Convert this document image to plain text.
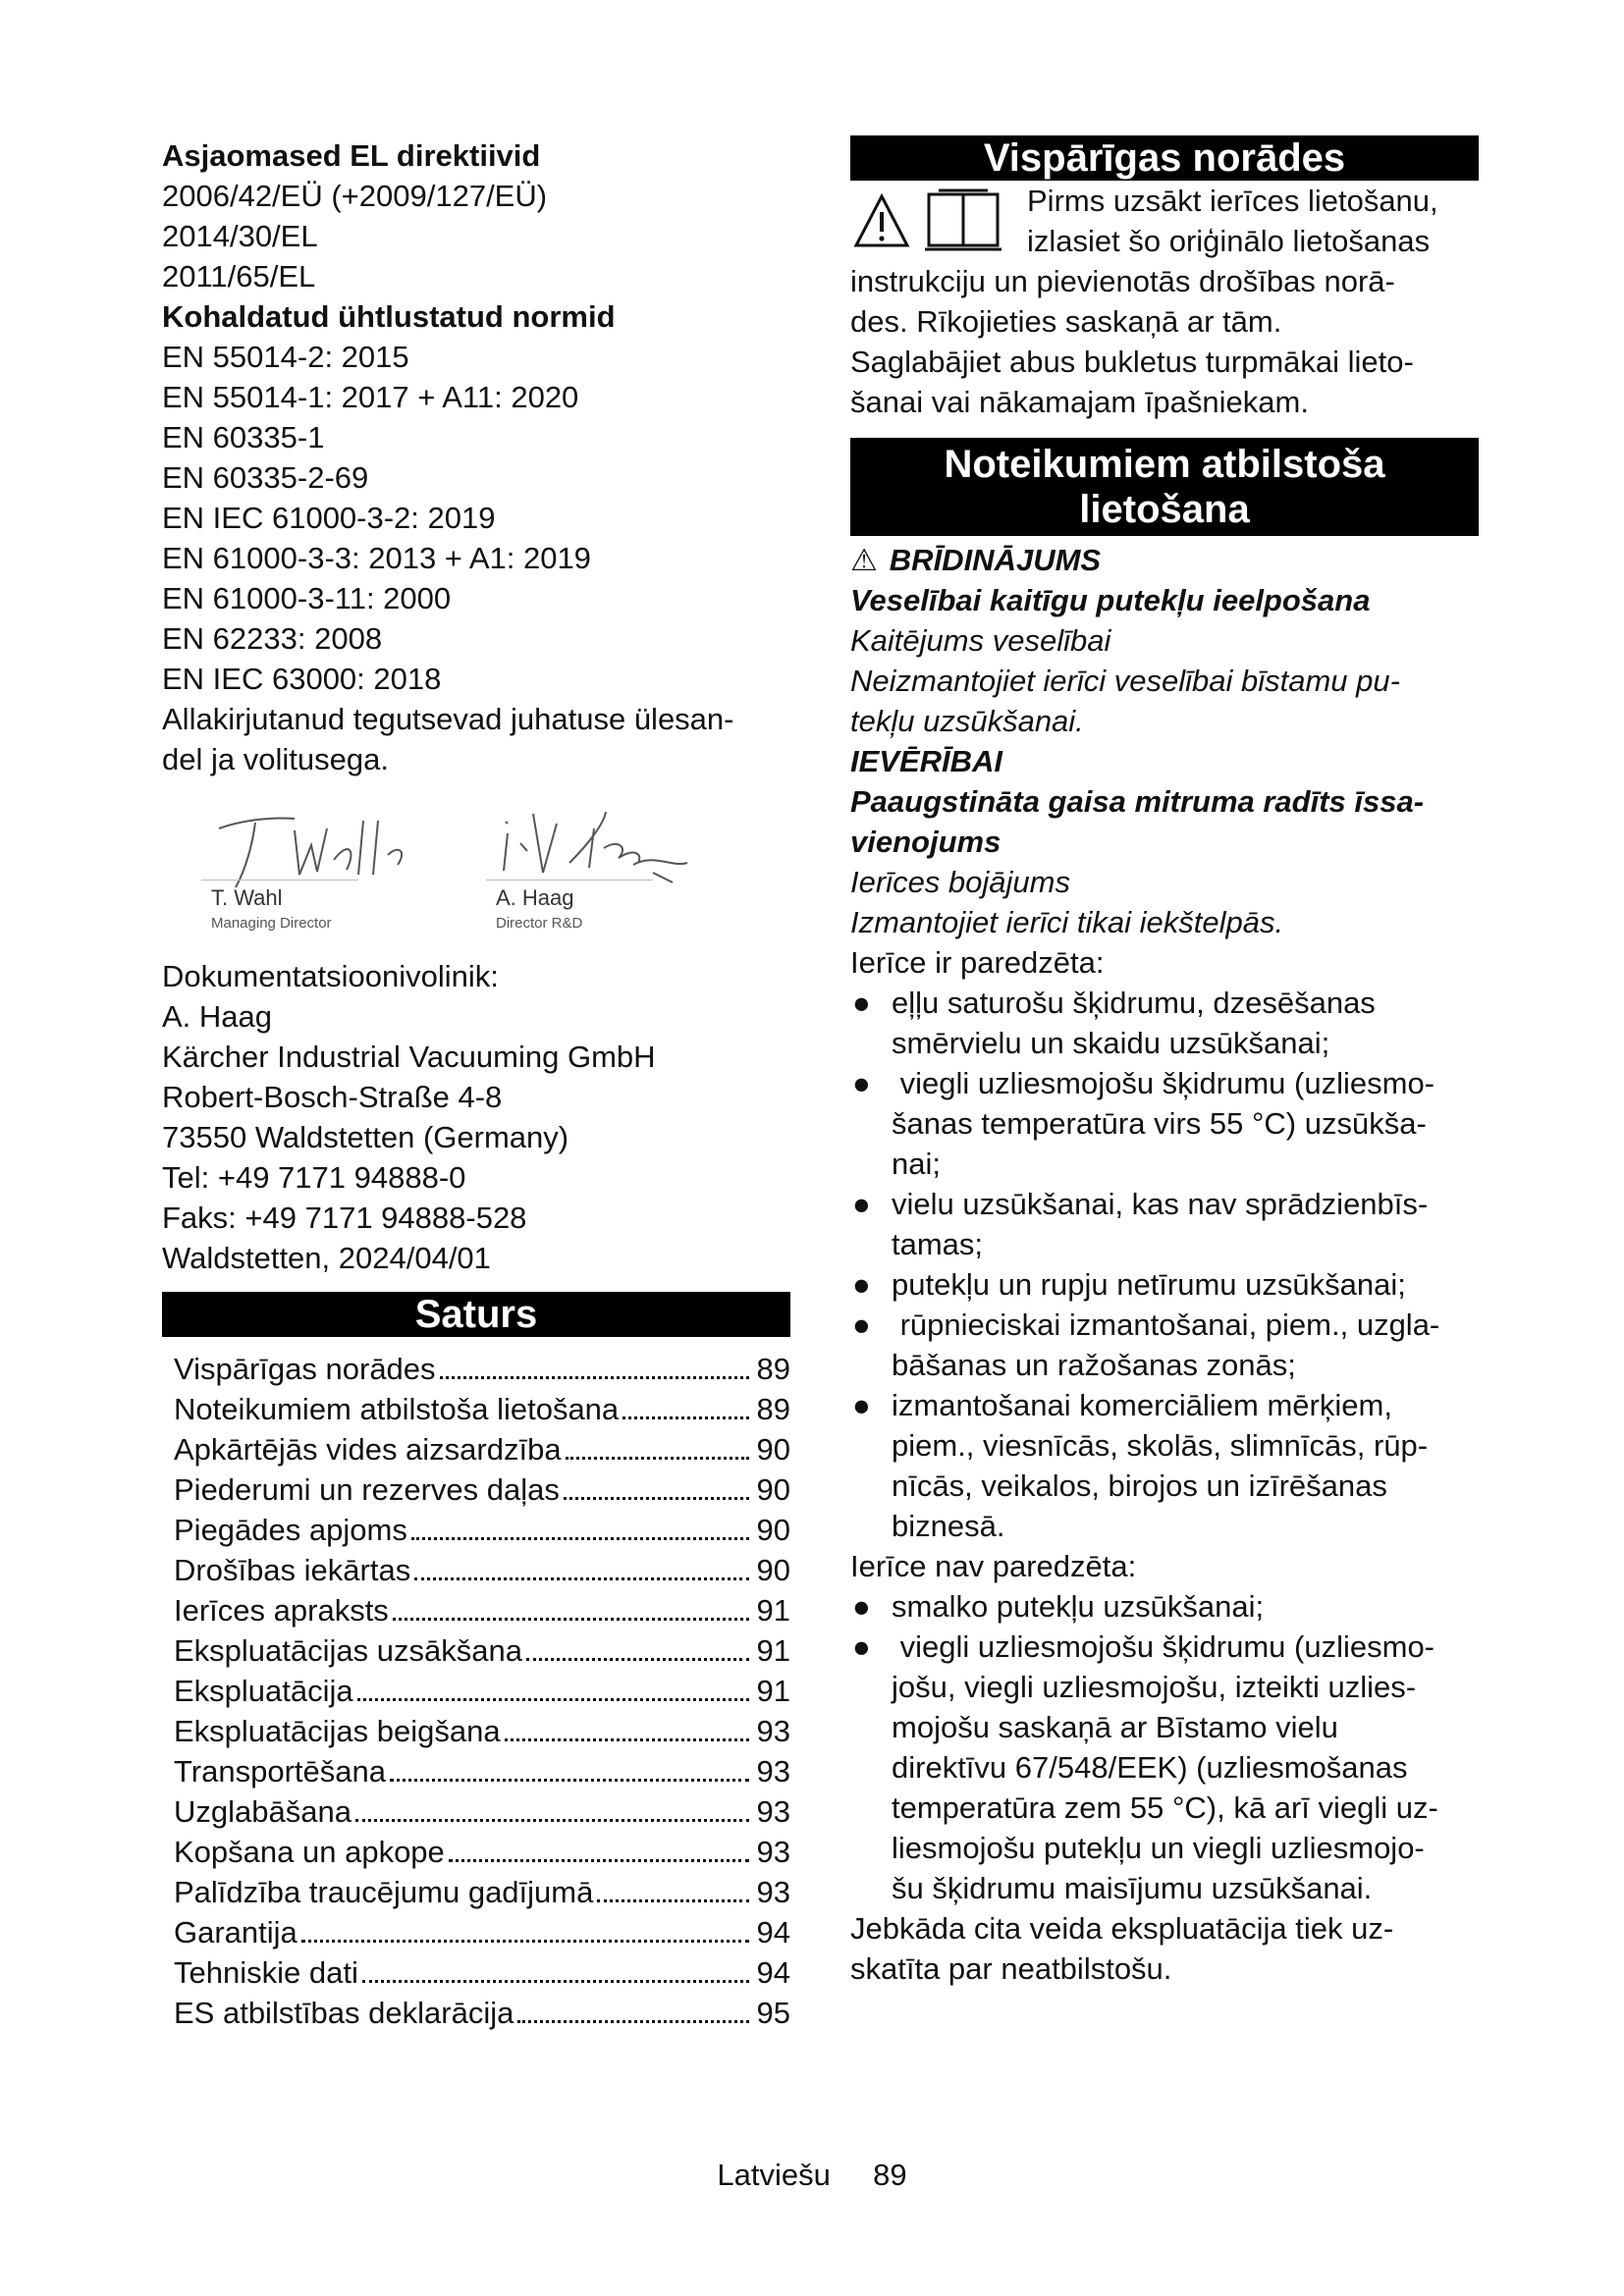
Asjaomased EL direktiivid
2006/42/EÜ (+2009/127/EÜ)
2014/30/EL
2011/65/EL
Kohaldatud ühtlustatud normid
EN 55014-2: 2015
EN 55014-1: 2017 + A11: 2020
EN 60335-1
EN 60335-2-69
EN IEC 61000-3-2: 2019
EN 61000-3-3: 2013 + A1: 2019
EN 61000-3-11: 2000
EN 62233: 2008
EN IEC 63000: 2018
Allakirjutanud tegutsevad juhatuse ülesan-
del ja volitusega.
T. Wahl
Managing Director
A. Haag
Director R&D
Dokumentatsioonivolinik:
A. Haag
Kärcher Industrial Vacuuming GmbH
Robert-Bosch-Straße 4-8
73550 Waldstetten (Germany)
Tel: +49 7171 94888-0
Faks: +49 7171 94888-528
Waldstetten, 2024/04/01
Saturs
Vispārīgas norādes	89
Noteikumiem atbilstoša lietošana	89
Apkārtējās vides aizsardzība	90
Piederumi un rezerves daļas	90
Piegādes apjoms	90
Drošības iekārtas	90
Ierīces apraksts	91
Ekspluatācijas uzsākšana	91
Ekspluatācija	91
Ekspluatācijas beigšana	93
Transportēšana	93
Uzglabāšana	93
Kopšana un apkope	93
Palīdzība traucējumu gadījumā	93
Garantija	94
Tehniskie dati	94
ES atbilstības deklarācija	95
Vispārīgas norādes
Pirms uzsākt ierīces lietošanu,
izlasiet šo oriģinālo lietošanas
instrukciju un pievienotās drošības norā-
des. Rīkojieties saskaņā ar tām.
Saglabājiet abus bukletus turpmākai lieto-
šanai vai nākamajam īpašniekam.
Noteikumiem atbilstoša
lietošana
⚠ BRĪDINĀJUMS
Veselībai kaitīgu putekļu ieelpošana
Kaitējums veselībai
Neizmantojiet ierīci veselībai bīstamu pu-
tekļu uzsūkšanai.
IEVĒRĪBAI
Paaugstināta gaisa mitruma radīts īssa-
vienojums
Ierīces bojājums
Izmantojiet ierīci tikai iekštelpās.
Ierīce ir paredzēta:
● eļļu saturošu šķidrumu, dzesēšanas
smērvielu un skaidu uzsūkšanai;
● viegli uzliesmojošu šķidrumu (uzliesmo-
šanas temperatūra virs 55 °C) uzsūkša-
nai;
● vielu uzsūkšanai, kas nav sprādzienbīs-
tamas;
● putekļu un rupju netīrumu uzsūkšanai;
● rūpnieciskai izmantošanai, piem., uzgla-
bāšanas un ražošanas zonās;
● izmantošanai komerciāliem mērķiem,
piem., viesnīcās, skolās, slimnīcās, rūp-
nīcās, veikalos, birojos un izīrēšanas
biznesā.
Ierīce nav paredzēta:
● smalko putekļu uzsūkšanai;
● viegli uzliesmojošu šķidrumu (uzliesmo-
jošu, viegli uzliesmojošu, izteikti uzlies-
mojošu saskaņā ar Bīstamo vielu
direktīvu 67/548/EEK) (uzliesmošanas
temperatūra zem 55 °C), kā arī viegli uz-
liesmojošu putekļu un viegli uzliesmojo-
šu šķidrumu maisījumu uzsūkšanai.
Jebkāda cita veida ekspluatācija tiek uz-
skatīta par neatbilstošu.
Latviešu 89
